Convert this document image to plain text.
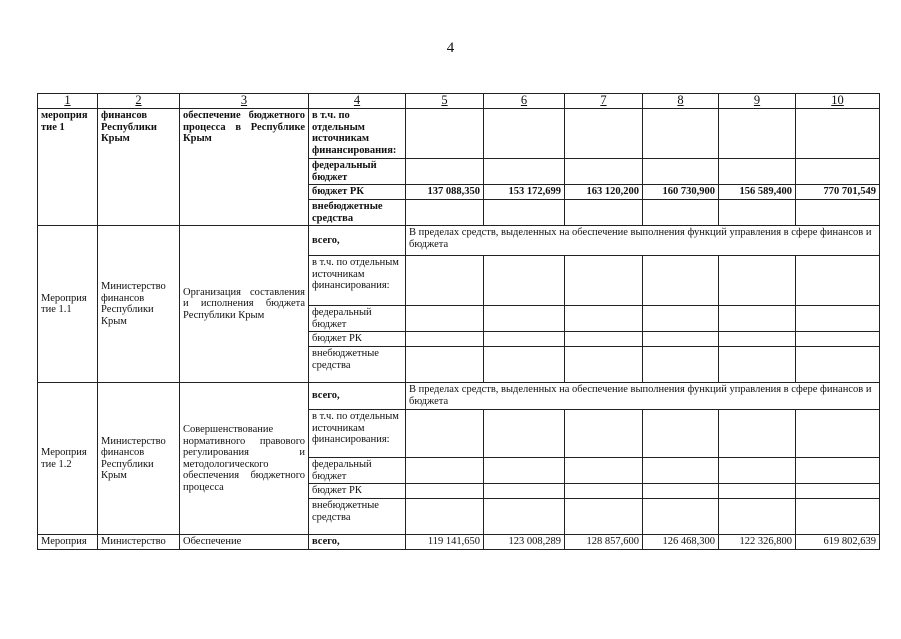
4
1	2	3	4	5	6	7	8	9	10
мероприя тие 1	финансов Республики Крым	обеспечение бюджетного процесса в Республике Крым	в т.ч. по отдельным источникам финансирования:						
			федеральный бюджет						
			бюджет РК	137 088,350	153 172,699	163 120,200	160 730,900	156 589,400	770 701,549
			внебюджетные средства						
Мероприя тие 1.1	Министерство финансов Республики Крым	Организация составления и исполнения бюджета Республики Крым	всего,	В пределах средств, выделенных на обеспечение выполнения функций управления в сфере финансов и бюджета					
			в т.ч. по отдельным источникам финансирования:						
			федеральный бюджет						
			бюджет РК						
			внебюджетные средства						
Мероприя тие 1.2	Министерство финансов Республики Крым	Совершенствование нормативного правового регулирования и методологического обеспечения бюджетного процесса	всего,	В пределах средств, выделенных на обеспечение выполнения функций управления в сфере финансов и бюджета					
			в т.ч. по отдельным источникам финансирования:						
			федеральный бюджет						
			бюджет РК						
			внебюджетные средства						
Мероприя	Министерство	Обеспечение	всего,	119 141,650	123 008,289	128 857,600	126 468,300	122 326,800	619 802,639
